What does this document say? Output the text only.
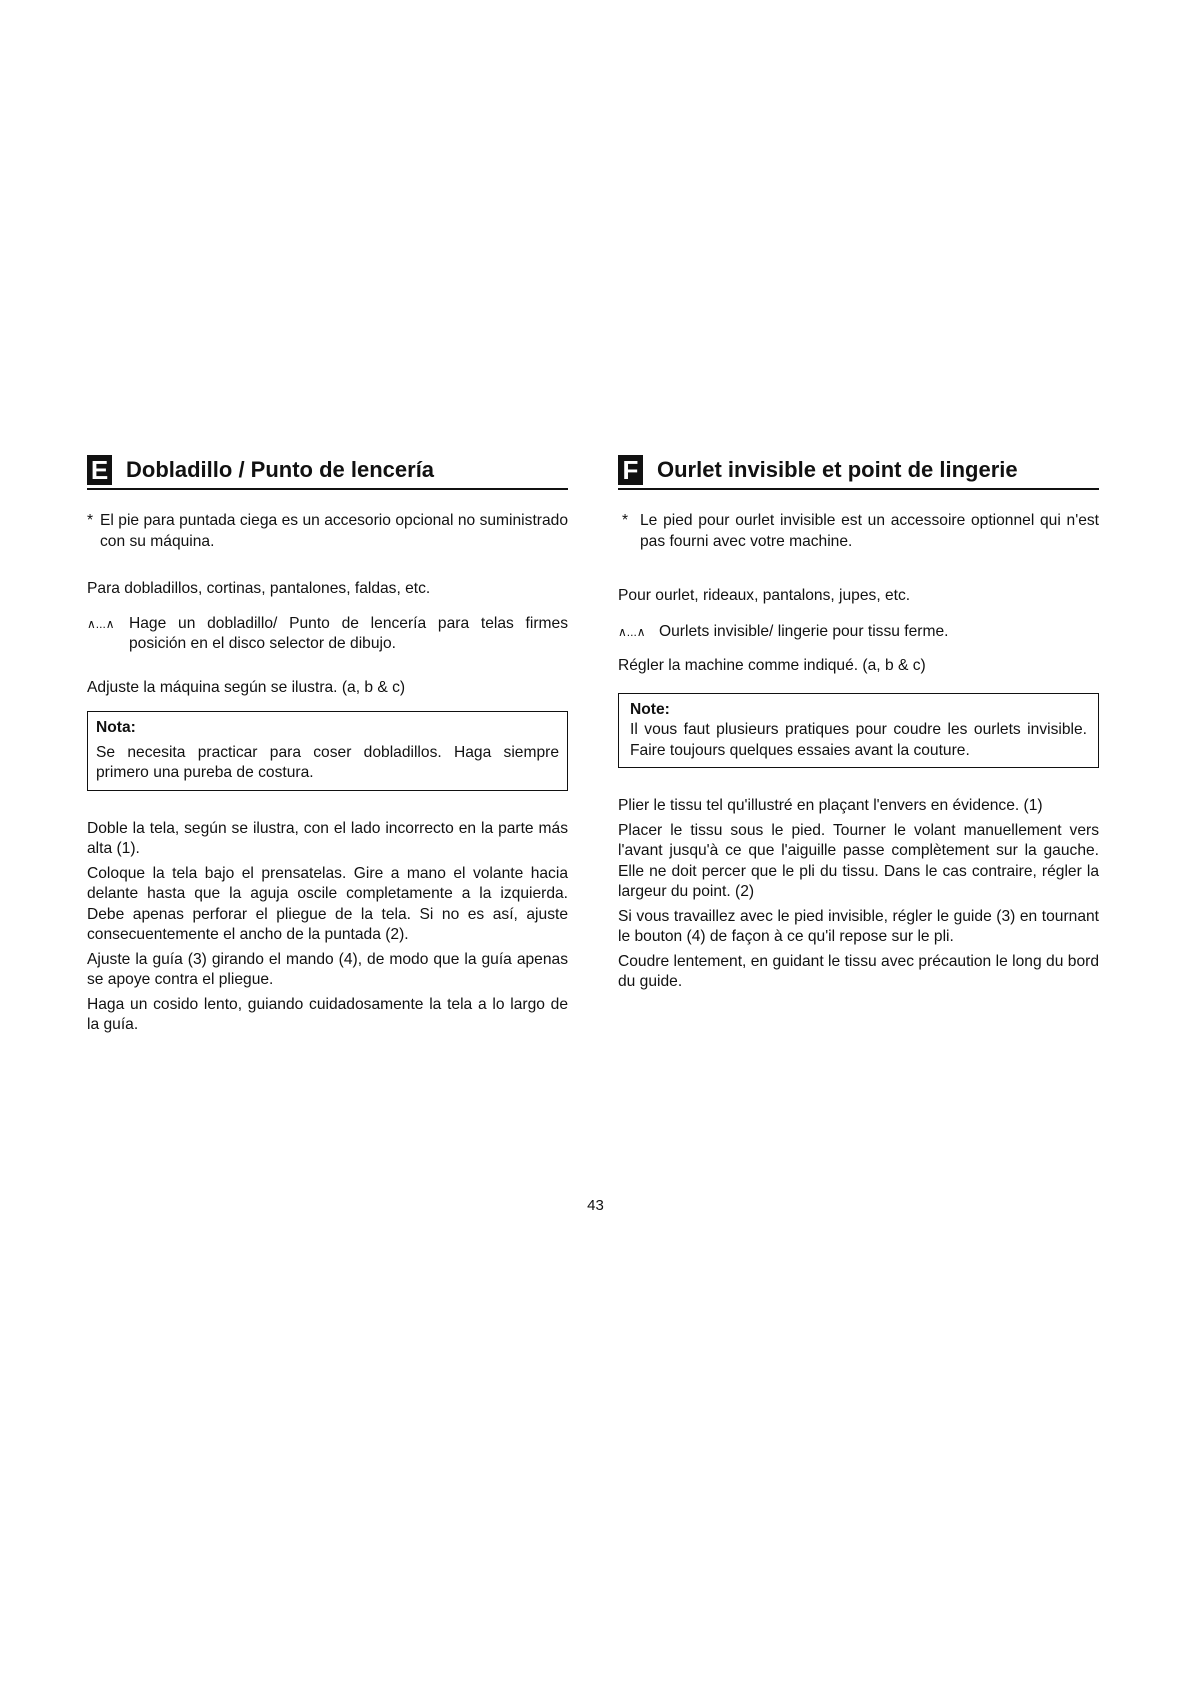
E Dobladillo / Punto de lencería
* El pie para puntada ciega es un accesorio opcional no suministrado con su máquina.

Para dobladillos, cortinas, pantalones, faldas, etc.

∧...∧ Hage un dobladillo/ Punto de lencería para telas firmes posición en el disco selector de dibujo.

Adjuste la máquina según se ilustra. (a, b & c)

Nota:

Se necesita practicar para coser dobladillos. Haga siempre primero una pureba de costura.

Doble la tela, según se ilustra, con el lado incorrecto en la parte más alta (1).

Coloque la tela bajo el prensatelas. Gire a mano el volante hacia delante hasta que la aguja oscile completamente a la izquierda. Debe apenas perforar el pliegue de la tela. Si no es así, ajuste consecuentemente el ancho de la puntada (2).

Ajuste la guía (3) girando el mando (4), de modo que la guía apenas se apoye contra el pliegue.

Haga un cosido lento, guiando cuidadosamente la tela a lo largo de la guía.

F Ourlet invisible et point de lingerie
* Le pied pour ourlet invisible est un accessoire optionnel qui n'est pas fourni avec votre machine.

Pour ourlet, rideaux, pantalons, jupes, etc.

∧...∧ Ourlets invisible/ lingerie pour tissu ferme.

Régler la machine comme indiqué. (a, b & c)

Note:

Il vous faut plusieurs pratiques pour coudre les ourlets invisible. Faire toujours quelques essaies avant la couture.

Plier le tissu tel qu'illustré en plaçant l'envers en évidence. (1)

Placer le tissu sous le pied. Tourner le volant manuellement vers l'avant jusqu'à ce que l'aiguille passe complètement sur la gauche. Elle ne doit percer que le pli du tissu. Dans le cas contraire, régler la largeur du point. (2)

Si vous travaillez avec le pied invisible, régler le guide (3) en tournant le bouton (4) de façon à ce qu'il repose sur le pli.

Coudre lentement, en guidant le tissu avec précaution le long du bord du guide.

43
